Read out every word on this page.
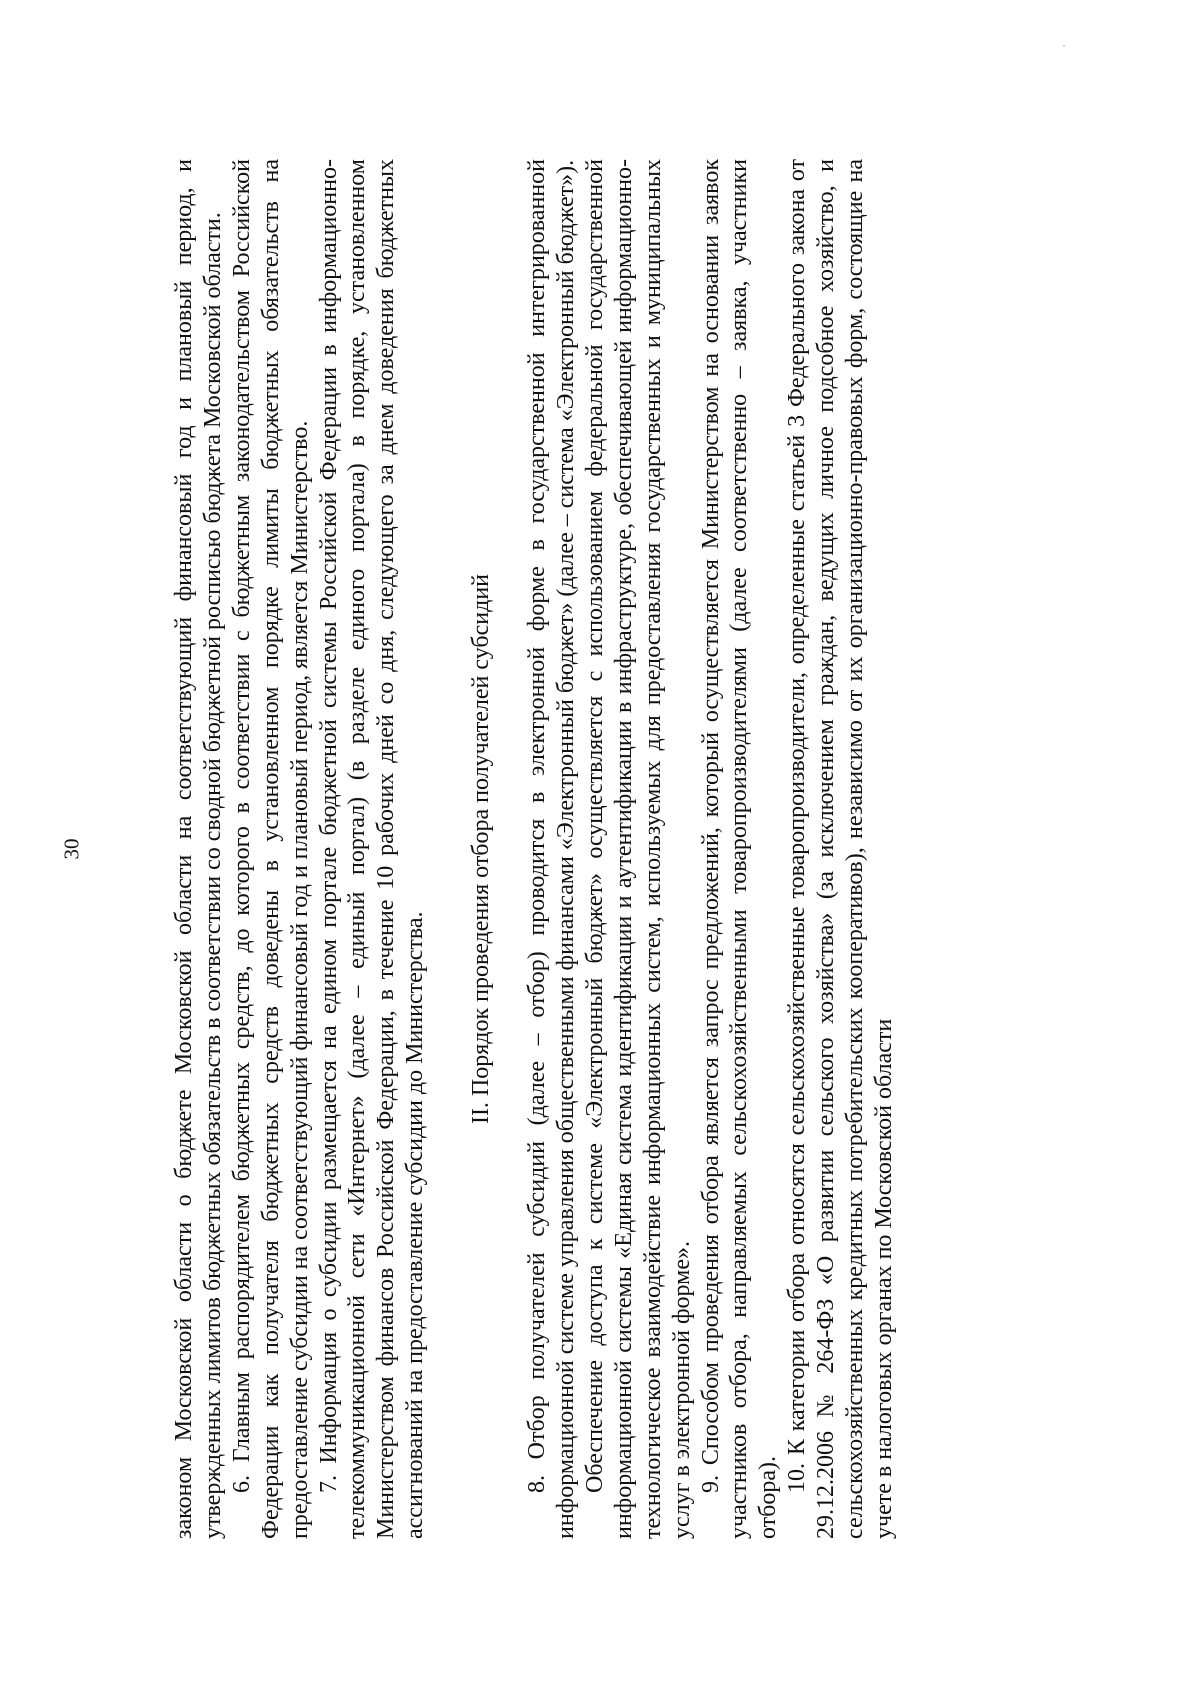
30	законом Московской области о бюджете Московской области на соответствующий финансовый год и плановый период, и утвержденных лимитов бюджетных обязательств в соответствии со сводной бюджетной росписью бюджета Московской области. 6. Главным распорядителем бюджетных средств, до которого в соответствии с бюджетным законодательством Российской Федерации как получателя бюджетных средств доведены в установленном порядке лимиты бюджетных обязательств на предоставление субсидии на соответствующий финансовый год и плановый период, является Министерство. 7. Информация о субсидии размещается на едином портале бюджетной системы Российской Федерации в информационно-телекоммуникационной сети «Интернет» (далее – единый портал) (в разделе единого портала) в порядке, установленном Министерством финансов Российской Федерации, в течение 10 рабочих дней со дня, следующего за днем доведения бюджетных ассигнований на предоставление субсидии до Министерства.

II. Порядок проведения отбора получателей субсидий 8. Отбор получателей субсидий (далее – отбор) проводится в электронной форме в государственной интегрированной информационной системе управления общественными финансами «Электронный бюджет» (далее – система «Электронный бюджет»). Обеспечение доступа к системе «Электронный бюджет» осуществляется с использованием федеральной государственной информационной системы «Единая система идентификации и аутентификации в инфраструктуре, обеспечивающей информационно-технологическое взаимодействие информационных систем, используемых для предоставления государственных и муниципальных услуг в электронной форме». 9. Способом проведения отбора является запрос предложений, который осуществляется Министерством на основании заявок участников отбора, направляемых сельскохозяйственными товаропроизводителями (далее соответственно – заявка, участники отбора).

10. К категории отбора относятся сельскохозяйственные товаропроизводители, определенные статьей 3 Федерального закона от 29.12.2006 № 264-ФЗ «О развитии сельского хозяйства» (за исключением граждан, ведущих личное подсобное хозяйство, и сельскохозяйственных кредитных потребительских кооперативов), независимо от их организационно-правовых форм, состоящие на учете в налоговых органах по Московской области
